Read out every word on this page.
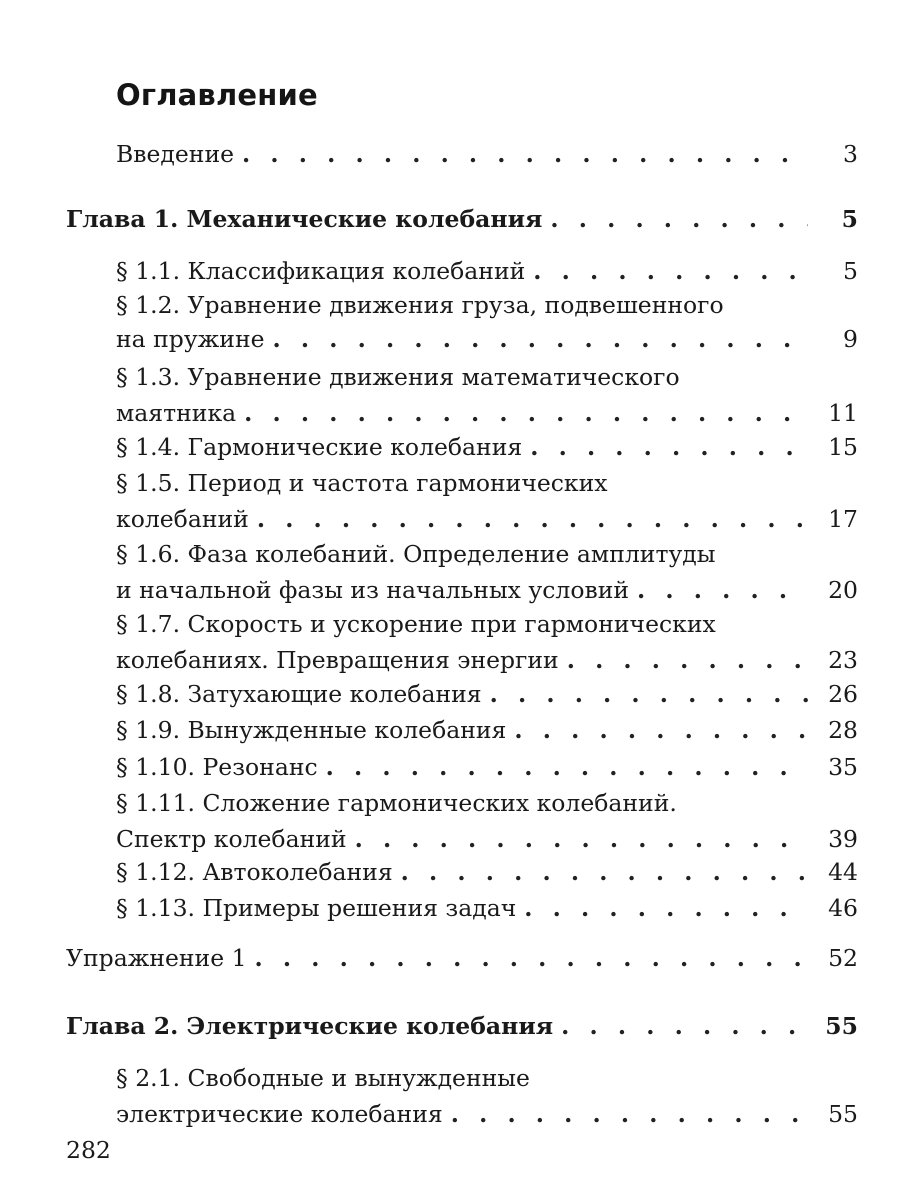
Оглавление
Введение . . .	3
Глава 1. Механические колебания . . .	5
§ 1.1. Классификация колебаний . . .	5
§ 1.2. Уравнение движения груза, подвешенного
на пружине . . .	9
§ 1.3. Уравнение движения математического
маятника . . .	11
§ 1.4. Гармонические колебания . . .	15
§ 1.5. Период и частота гармонических
колебаний . . .	17
§ 1.6. Фаза колебаний. Определение амплитуды
и начальной фазы из начальных условий . . .	20
§ 1.7. Скорость и ускорение при гармонических
колебаниях. Превращения энергии . . .	23
§ 1.8. Затухающие колебания . . .	26
§ 1.9. Вынужденные колебания . . .	28
§ 1.10. Резонанс . . .	35
§ 1.11. Сложение гармонических колебаний.
Спектр колебаний . . .	39
§ 1.12. Автоколебания . . .	44
§ 1.13. Примеры решения задач . . .	46
Упражнение 1 . . .	52
Глава 2. Электрические колебания . . .	55
§ 2.1. Свободные и вынужденные
электрические колебания . . .	55
282
